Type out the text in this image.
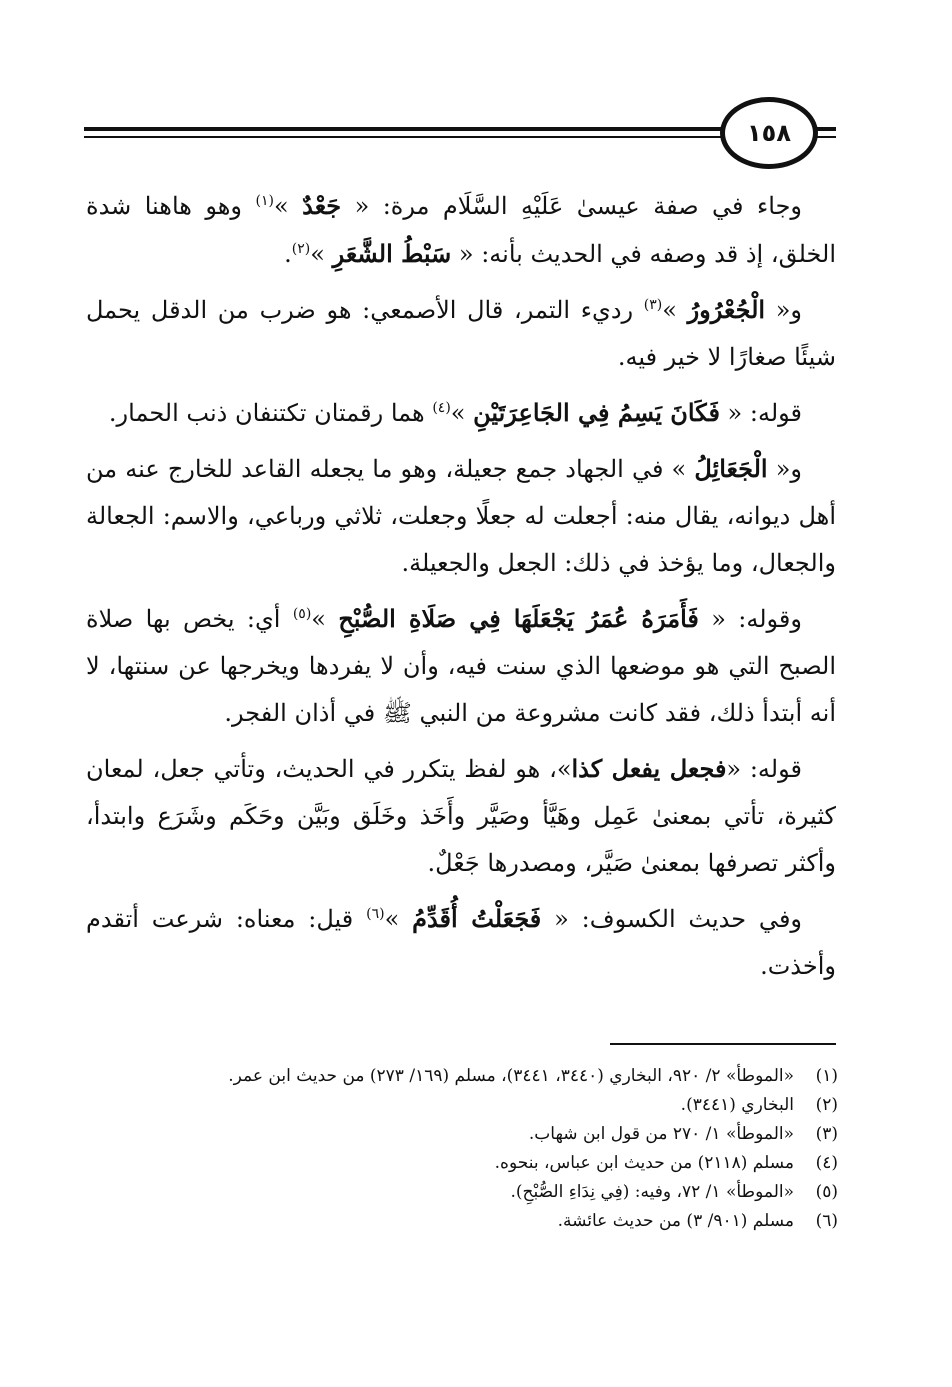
١٥٨

وجاء في صفة عيسىٰ عَلَيْهِ السَّلَام مرة: « جَعْدٌ »$^{(١)}$ وهو هاهنا شدة الخلق، إذ قد وصفه في الحديث بأنه: « سَبْطُ الشَّعَرِ »$^{(٢)}$.

و« الْجُعْرُورُ »$^{(٣)}$ رديء التمر، قال الأصمعي: هو ضرب من الدقل يحمل شيئًا صغارًا لا خير فيه.

قوله: « فَكَانَ يَسِمُ فِي الجَاعِرَتَيْنِ »$^{(٤)}$ هما رقمتان تكتنفان ذنب الحمار.

و« الْجَعَائِلُ » في الجهاد جمع جعيلة، وهو ما يجعله القاعد للخارج عنه من أهل ديوانه، يقال منه: أجعلت له جعلًا وجعلت، ثلاثي ورباعي، والاسم: الجعالة والجعال، وما يؤخذ في ذلك: الجعل والجعيلة.

وقوله: « فَأَمَرَهُ عُمَرُ يَجْعَلَهَا فِي صَلَاةِ الصُّبْحِ »$^{(٥)}$ أي: يخص بها صلاة الصبح التي هو موضعها الذي سنت فيه، وأن لا يفردها ويخرجها عن سنتها، لا أنه أبتدأ ذلك، فقد كانت مشروعة من النبي ﷺ في أذان الفجر.

قوله: «فجعل يفعل كذا»، هو لفظ يتكرر في الحديث، وتأتي جعل، لمعان كثيرة، تأتي بمعنىٰ عَمِل وهَيَّأ وصَيَّر وأَخَذ وخَلَق وبَيَّن وحَكَم وشَرَع وابتدأ، وأكثر تصرفها بمعنىٰ صَيَّر، ومصدرها جَعْلٌ.

وفي حديث الكسوف: « فَجَعَلْتُ أُقَدِّمُ »$^{(٦)}$ قيل: معناه: شرعت أتقدم وأخذت.

(١)
«الموطأ» ٢/ ٩٢٠، البخاري (٣٤٤٠، ٣٤٤١)، مسلم (١٦٩/ ٢٧٣) من حديث ابن عمر.
(٢)
البخاري (٣٤٤١).
(٣)
«الموطأ» ١/ ٢٧٠ من قول ابن شهاب.
(٤)
مسلم (٢١١٨) من حديث ابن عباس، بنحوه.
(٥)
«الموطأ» ١/ ٧٢، وفيه: (فِي نِدَاءِ الصُّبْحِ).
(٦)
مسلم (٩٠١/ ٣) من حديث عائشة.
